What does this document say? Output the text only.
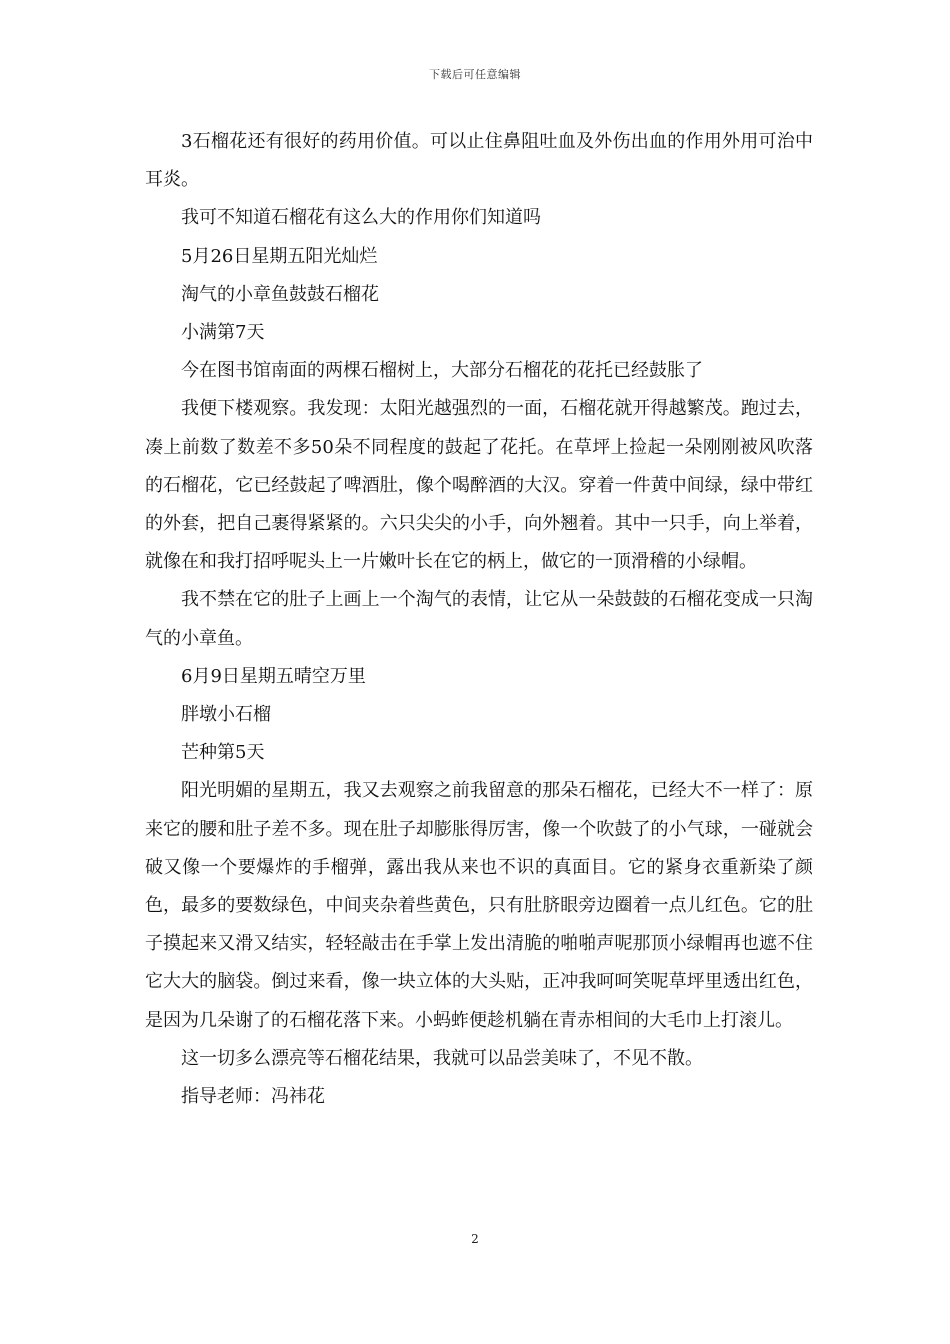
下载后可任意编辑

3石榴花还有很好的药用价值。可以止住鼻阻吐血及外伤出血的作用外用可治中耳炎。

我可不知道石榴花有这么大的作用你们知道吗

5月26日星期五阳光灿烂

淘气的小章鱼鼓鼓石榴花

小满第7天

今在图书馆南面的两棵石榴树上，大部分石榴花的花托已经鼓胀了

我便下楼观察。我发现：太阳光越强烈的一面，石榴花就开得越繁茂。跑过去，凑上前数了数差不多50朵不同程度的鼓起了花托。在草坪上捡起一朵刚刚被风吹落的石榴花，它已经鼓起了啤酒肚，像个喝醉酒的大汉。穿着一件黄中间绿，绿中带红的外套，把自己裹得紧紧的。六只尖尖的小手，向外翘着。其中一只手，向上举着，就像在和我打招呼呢头上一片嫩叶长在它的柄上，做它的一顶滑稽的小绿帽。

我不禁在它的肚子上画上一个淘气的表情，让它从一朵鼓鼓的石榴花变成一只淘气的小章鱼。

6月9日星期五晴空万里

胖墩小石榴

芒种第5天

阳光明媚的星期五，我又去观察之前我留意的那朵石榴花，已经大不一样了：原来它的腰和肚子差不多。现在肚子却膨胀得厉害，像一个吹鼓了的小气球，一碰就会破又像一个要爆炸的手榴弹，露出我从来也不识的真面目。它的紧身衣重新染了颜色，最多的要数绿色，中间夹杂着些黄色，只有肚脐眼旁边圈着一点儿红色。它的肚子摸起来又滑又结实，轻轻敲击在手掌上发出清脆的啪啪声呢那顶小绿帽再也遮不住它大大的脑袋。倒过来看，像一块立体的大头贴，正冲我呵呵笑呢草坪里透出红色，是因为几朵谢了的石榴花落下来。小蚂蚱便趁机躺在青赤相间的大毛巾上打滚儿。

这一切多么漂亮等石榴花结果，我就可以品尝美味了，不见不散。

指导老师：冯祎花

2
